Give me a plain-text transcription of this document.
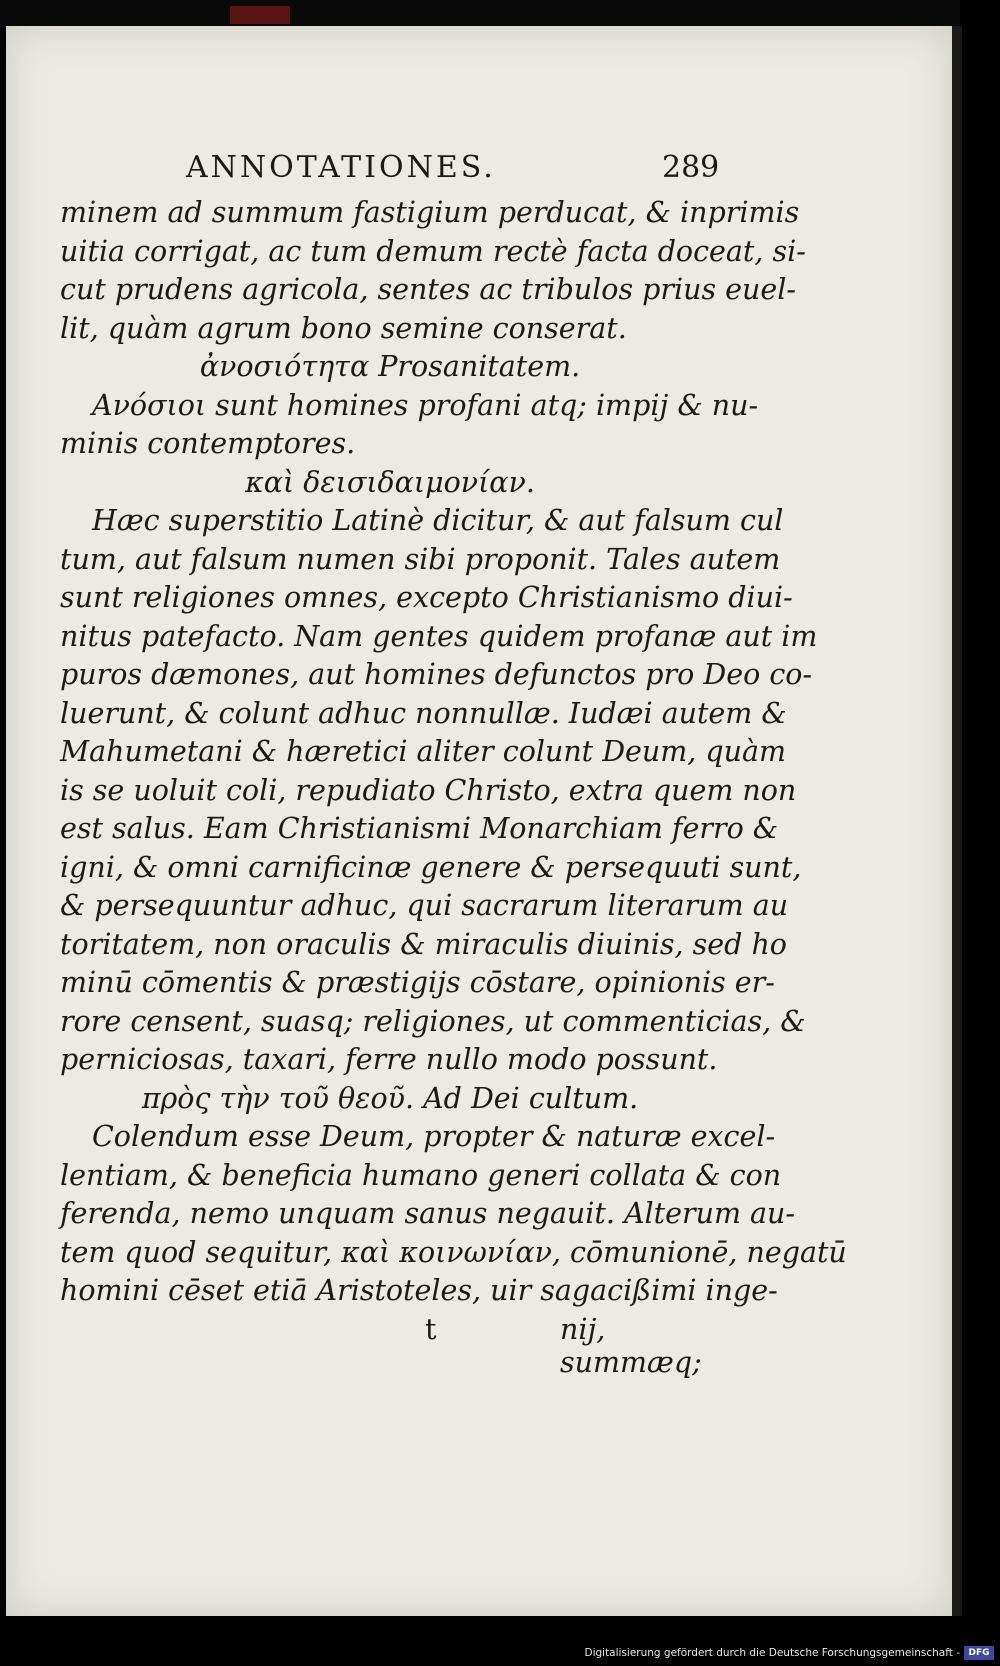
ANNOTATIONES.	289
minem ad summum fastigium perducat, & inprimis
uitia corrigat, ac tum demum rectè facta doceat, si-
cut prudens agricola, sentes ac tribulos prius euel-
lit, quàm agrum bono semine conserat.
ἀνοσιότητα Prosanitatem.
Ανόσιοι sunt homines profani atq; impij & nu-
minis contemptores.
καὶ δεισιδαιμονίαν.
Hæc superstitio Latinè dicitur, & aut falsum cul
tum, aut falsum numen sibi proponit. Tales autem
sunt religiones omnes, excepto Christianismo diui-
nitus patefacto. Nam gentes quidem profanæ aut im
puros dæmones, aut homines defunctos pro Deo co-
luerunt, & colunt adhuc nonnullæ. Iudæi autem &
Mahumetani & hæretici aliter colunt Deum, quàm
is se uoluit coli, repudiato Christo, extra quem non
est salus. Eam Christianismi Monarchiam ferro &
igni, & omni carnificinæ genere & persequuti sunt,
& persequuntur adhuc, qui sacrarum literarum au
toritatem, non oraculis & miraculis diuinis, sed ho
minū cōmentis & præstigijs cōstare, opinionis er-
rore censent, suasq; religiones, ut commenticias, &
perniciosas, taxari, ferre nullo modo possunt.
πρὸς τὴν τοῦ θεοῦ. Ad Dei cultum.
Colendum esse Deum, propter & naturæ excel-
lentiam, & beneficia humano generi collata & con
ferenda, nemo unquam sanus negauit. Alterum au-
tem quod sequitur, καὶ κοινωνίαν, cōmunionē, negatū
homini cēset etiā Aristoteles, uir sagacißimi inge-
t	nij, summæq;
Digitalisierung gefördert durch die Deutsche Forschungsgemeinschaft - DFG
